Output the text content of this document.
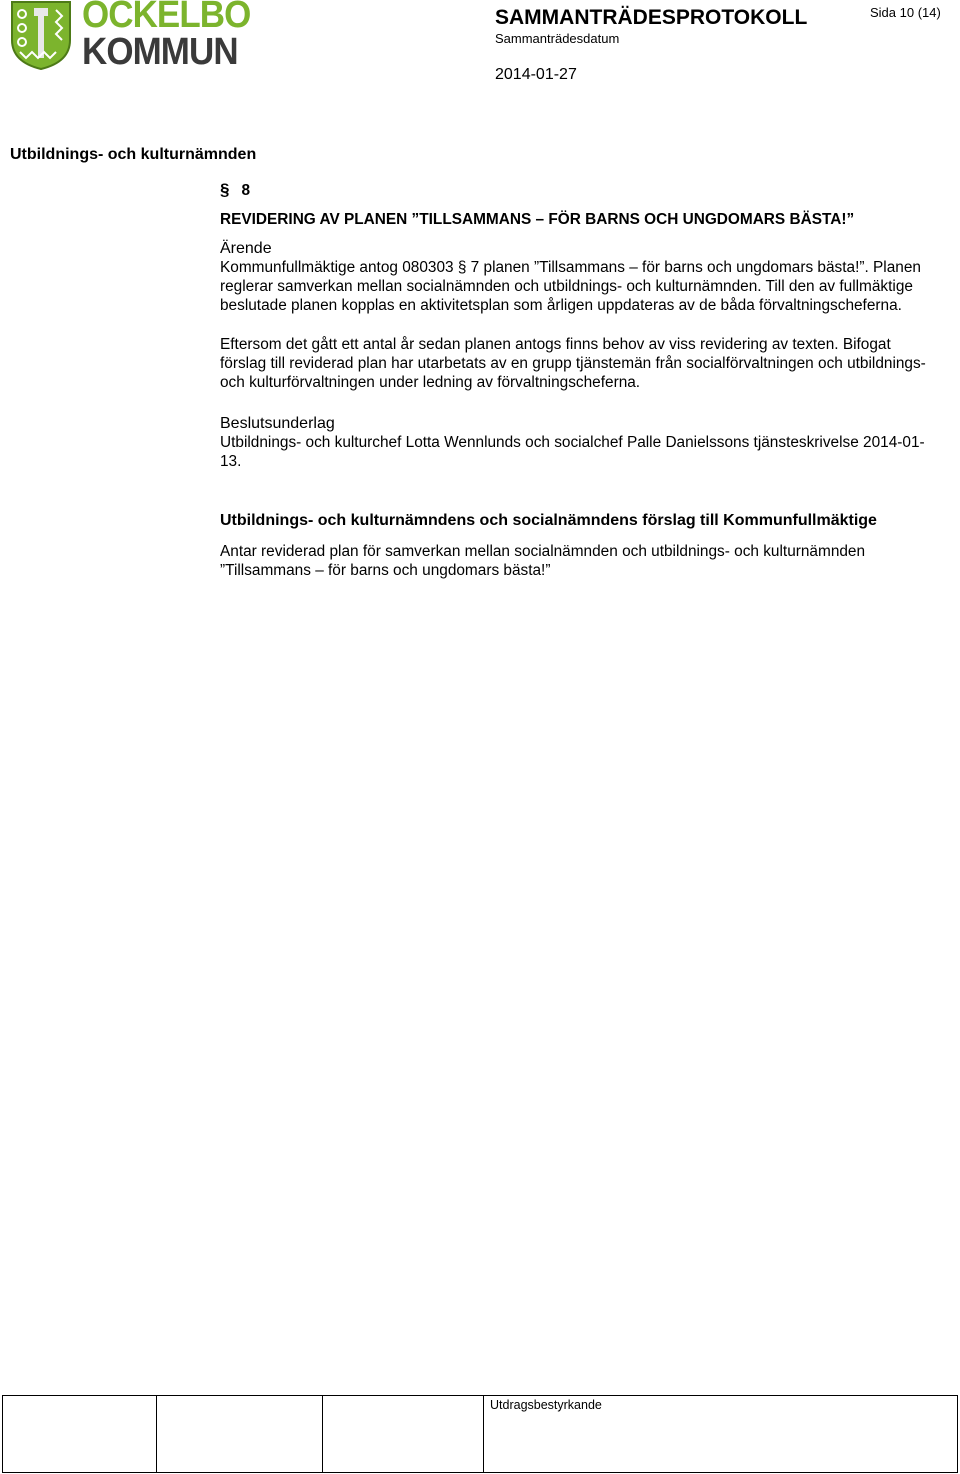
OCKELBO
KOMMUN
SAMMANTRÄDESPROTOKOLL	Sida 10 (14)
Sammanträdesdatum
2014-01-27
Utbildnings- och kulturnämnden
§ 8
REVIDERING AV PLANEN ”TILLSAMMANS – FÖR BARNS OCH UNGDOMARS BÄSTA!”
Ärende

Kommunfullmäktige antog 080303 § 7 planen ”Tillsammans – för barns och ungdomars bästa!”. Planen reglerar samverkan mellan socialnämnden och utbildnings- och kulturnämnden. Till den av fullmäktige beslutade planen kopplas en aktivitetsplan som årligen uppdateras av de båda förvaltningscheferna.

Eftersom det gått ett antal år sedan planen antogs finns behov av viss revidering av texten. Bifogat förslag till reviderad plan har utarbetats av en grupp tjänstemän från socialförvaltningen och utbildnings- och kulturförvaltningen under ledning av förvaltningscheferna.

Beslutsunderlag

Utbildnings- och kulturchef Lotta Wennlunds och socialchef Palle Danielssons tjänsteskrivelse 2014-01-13.

Utbildnings- och kulturnämndens och socialnämndens förslag till Kommunfullmäktige

Antar reviderad plan för samverkan mellan socialnämnden och utbildnings- och kulturnämnden ”Tillsammans – för barns och ungdomars bästa!”

			Utdragsbestyrkande
